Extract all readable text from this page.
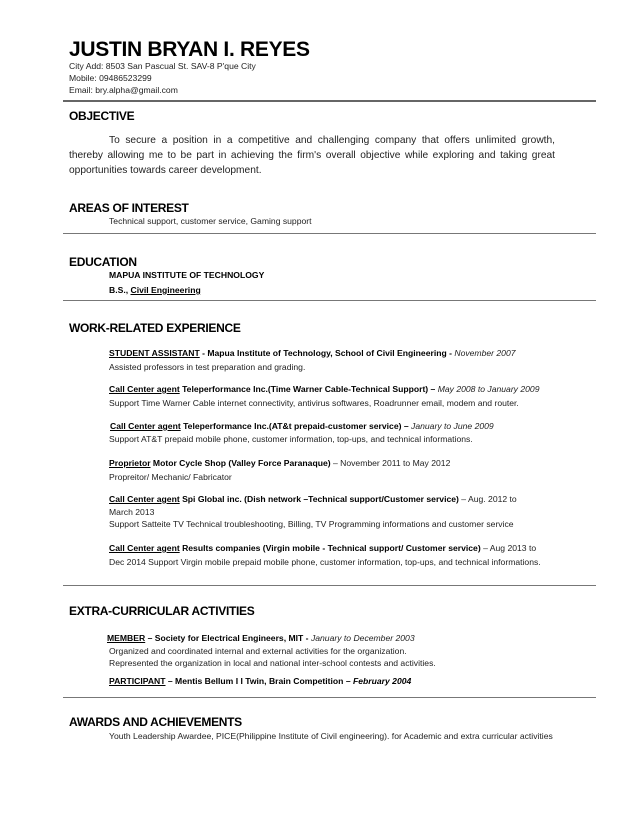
JUSTIN BRYAN I. REYES
City Add: 8503 San Pascual St. SAV-8 P'que City
Mobile: 09486523299
Email: bry.alpha@gmail.com
OBJECTIVE
To secure a position in a competitive and challenging company that offers unlimited growth, thereby allowing me to be part in achieving the firm's overall objective while exploring and taking great opportunities towards career development.
AREAS OF INTEREST
Technical support, customer service, Gaming support
EDUCATION
MAPUA INSTITUTE OF TECHNOLOGY
B.S., Civil Engineering
WORK-RELATED EXPERIENCE
STUDENT ASSISTANT - Mapua Institute of Technology, School of Civil Engineering - November 2007
Assisted professors in test preparation and grading.
Call Center agent Teleperformance Inc.(Time Warner Cable-Technical Support) – May 2008 to January 2009
Support Time Warner Cable internet connectivity, antivirus softwares, Roadrunner email, modem and router.
Call Center agent Teleperformance Inc.(AT&t prepaid-customer service) – January to June 2009
Support AT&T prepaid mobile phone, customer information, top-ups, and technical informations.
Proprietor Motor Cycle Shop (Valley Force Paranaque) – November 2011 to May 2012
Propreitor/ Mechanic/ Fabricator
Call Center agent Spi Global inc. (Dish network –Technical support/Customer service) – Aug. 2012 to
March 2013
Support Satteite TV Technical troubleshooting, Billing, TV Programming informations and customer service
Call Center agent Results companies (Virgin mobile - Technical support/ Customer service) – Aug 2013 to
Dec 2014 Support Virgin mobile prepaid mobile phone, customer information, top-ups, and technical informations.
EXTRA-CURRICULAR ACTIVITIES
MEMBER – Society for Electrical Engineers, MIT - January to December 2003
Organized and coordinated internal and external activities for the organization.
Represented the organization in local and national inter-school contests and activities.
PARTICIPANT – Mentis Bellum I I Twin, Brain Competition – February 2004
AWARDS AND ACHIEVEMENTS
Youth Leadership Awardee, PICE(Philippine Institute of Civil engineering). for Academic and extra curricular activities
